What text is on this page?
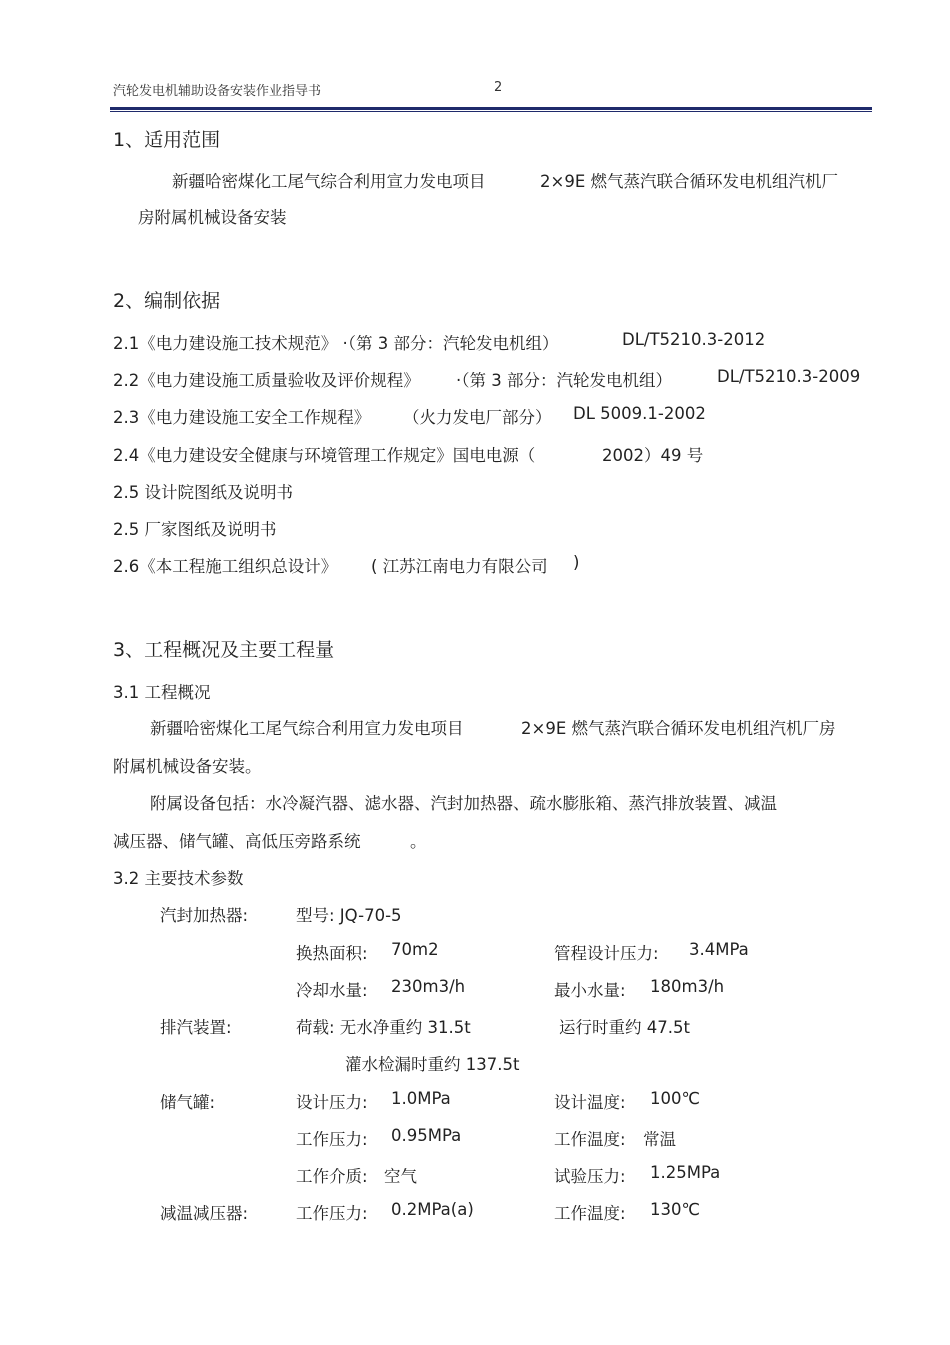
汽轮发电机辅助设备安装作业指导书	2
1、适用范围
新疆哈密煤化工尾气综合利用宣力发电项目	2×9E 燃气蒸汽联合循环发电机组汽机厂
房附属机械设备安装
2、编制依据
2.1《电力建设施工技术规范》 ·（第 3 部分：汽轮发电机组）	DL/T5210.3-2012
2.2《电力建设施工质量验收及评价规程》 ·（第 3 部分：汽轮发电机组）	DL/T5210.3-2009
2.3《电力建设施工安全工作规程》 （火力发电厂部分） DL 5009.1-2002
2.4《电力建设安全健康与环境管理工作规定》国电电源（	2002）49 号
2.5 设计院图纸及说明书
2.5 厂家图纸及说明书
2.6《本工程施工组织总设计》 ( 江苏江南电力有限公司 )
3、工程概况及主要工程量
3.1 工程概况
新疆哈密煤化工尾气综合利用宣力发电项目	2×9E 燃气蒸汽联合循环发电机组汽机厂房
附属机械设备安装。
附属设备包括：水冷凝汽器、滤水器、汽封加热器、疏水膨胀箱、蒸汽排放装置、减温
减压器、储气罐、高低压旁路系统	。
3.2 主要技术参数
汽封加热器:	型号: JQ-70-5
换热面积: 70m2	管程设计压力: 3.4MPa
冷却水量: 230m3/h	最小水量: 180m3/h
排汽装置:	荷载: 无水净重约 31.5t	运行时重约 47.5t
灌水检漏时重约 137.5t
储气罐:	设计压力: 1.0MPa	设计温度: 100℃
工作压力: 0.95MPa	工作温度: 常温
工作介质: 空气	试验压力: 1.25MPa
减温减压器:	工作压力: 0.2MPa(a)	工作温度: 130℃
